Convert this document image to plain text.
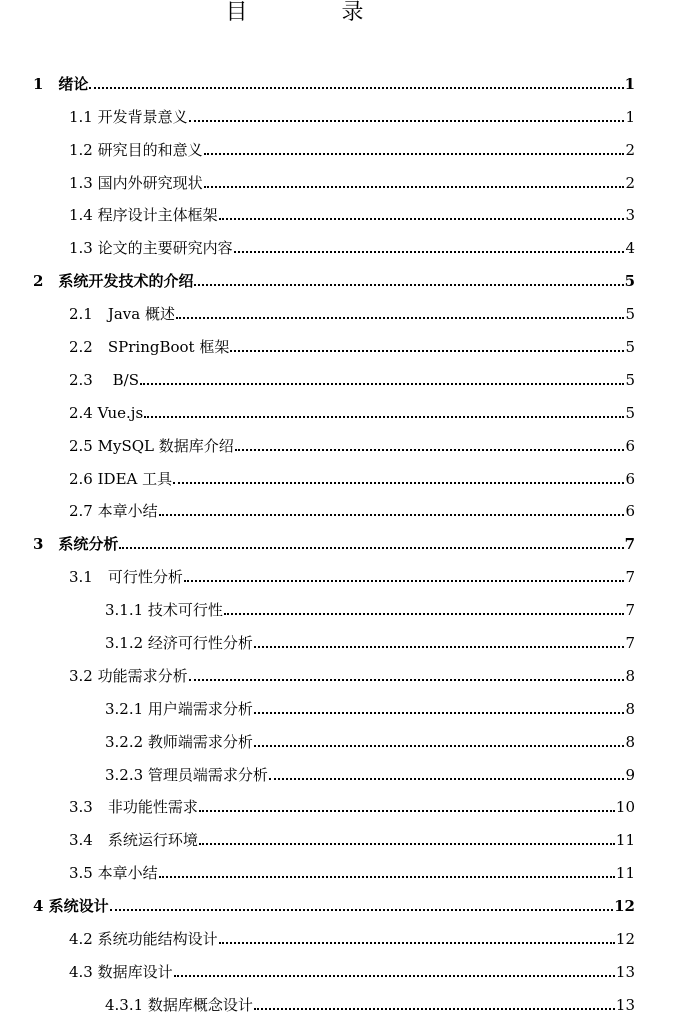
目　录
1　绪论	1
1.1 开发背景意义	1
1.2 研究目的和意义	2
1.3 国内外研究现状	2
1.4 程序设计主体框架	3
1.3 论文的主要研究内容	4
2　系统开发技术的介绍	5
2.1　Java 概述	5
2.2　SPringBoot 框架	5
2.3　 B/S	5
2.4 Vue.js	5
2.5 MySQL 数据库介绍	6
2.6 IDEA 工具	6
2.7 本章小结	6
3　系统分析	7
3.1　可行性分析	7
3.1.1 技术可行性	7
3.1.2 经济可行性分析	7
3.2 功能需求分析	8
3.2.1 用户端需求分析	8
3.2.2 教师端需求分析	8
3.2.3 管理员端需求分析	9
3.3　非功能性需求	10
3.4　系统运行环境	11
3.5 本章小结	11
4 系统设计	12
4.2 系统功能结构设计	12
4.3 数据库设计	13
4.3.1 数据库概念设计	13
